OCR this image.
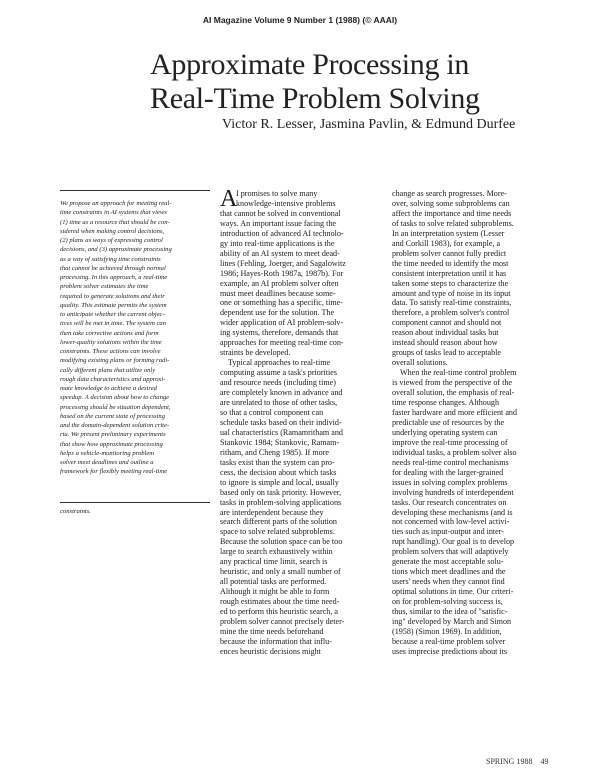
AI Magazine Volume 9 Number 1 (1988) (© AAAI)
Approximate Processing in
Real-Time Problem Solving
Victor R. Lesser, Jasmina Pavlin, & Edmund Durfee
We propose an approach for meeting real-
time constraints in AI systems that views
(1) time as a resource that should be con-
sidered when making control decisions,
(2) plans as ways of expressing control
decisions, and (3) approximate processing
as a way of satisfying time constraints
that cannot be achieved through normal
processing. In this approach, a real-time
problem solver estimates the time
required to generate solutions and their
quality. This estimate permits the system
to anticipate whether the current objec-
tives will be met in time. The system can
then take corrective actions and form
lower-quality solutions within the time
constraints. These actions can involve
modifying existing plans or forming radi-
cally different plans that utilize only
rough data characteristics and approxi-
mate knowledge to achieve a desired
speedup. A decision about how to change
processing should be situation dependent,
based on the current state of processing
and the domain-dependent solution crite-
ria. We present preliminary experiments
that show how approximate processing
helps a vehicle-monitoring problem
solver meet deadlines and outline a
framework for flexibly meeting real-time
constraints.
A
I promises to solve many
knowledge-intensive problems
that cannot be solved in conventional
ways. An important issue facing the
introduction of advanced AI technolo-
gy into real-time applications is the
ability of an AI system to meet dead-
lines (Fehling, Joerger, and Sagalowitz
1986; Hayes-Roth 1987a, 1987b). For
example, an AI problem solver often
must meet deadlines because some-
one or something has a specific, time-
dependent use for the solution. The
wider application of AI problem-solv-
ing systems, therefore, demands that
approaches for meeting real-time con-
straints be developed.
Typical approaches to real-time
computing assume a task's priorities
and resource needs (including time)
are completely known in advance and
are unrelated to those of other tasks,
so that a control component can
schedule tasks based on their individ-
ual characteristics (Ramamritham and
Stankovic 1984; Stankovic, Ramam-
ritham, and Cheng 1985). If more
tasks exist than the system can pro-
cess, the decision about which tasks
to ignore is simple and local, usually
based only on task priority. However,
tasks in problem-solving applications
are interdependent because they
search different parts of the solution
space to solve related subproblems.
Because the solution space can be too
large to search exhaustively within
any practical time limit, search is
heuristic, and only a small number of
all potential tasks are performed.
Although it might be able to form
rough estimates about the time need-
ed to perform this heuristic search, a
problem solver cannot precisely deter-
mine the time needs beforehand
because the information that influ-
ences heuristic decisions might
change as search progresses. More-
over, solving some subproblems can
affect the importance and time needs
of tasks to solve related subproblems.
In an interpretation system (Lesser
and Corkill 1983), for example, a
problem solver cannot fully predict
the time needed to identify the most
consistent interpretation until it has
taken some steps to characterize the
amount and type of noise in its input
data. To satisfy real-time constraints,
therefore, a problem solver's control
component cannot and should not
reason about individual tasks but
instead should reason about how
groups of tasks lead to acceptable
overall solutions.
When the real-time control problem
is viewed from the perspective of the
overall solution, the emphasis of real-
time response changes. Although
faster hardware and more efficient and
predictable use of resources by the
underlying operating system can
improve the real-time processing of
individual tasks, a problem solver also
needs real-time control mechanisms
for dealing with the larger-grained
issues in solving complex problems
involving hundreds of interdependent
tasks. Our research concentrates on
developing these mechanisms (and is
not concerned with low-level activi-
ties such as input-output and inter-
rupt handling). Our goal is to develop
problem solvers that will adaptively
generate the most acceptable solu-
tions which meet deadlines and the
users' needs when they cannot find
optimal solutions in time. Our criteri-
on for problem-solving success is,
thus, similar to the idea of "satisfic-
ing" developed by March and Simon
(1958) (Simon 1969). In addition,
because a real-time problem solver
uses imprecise predictions about its
SPRING 1988 49
